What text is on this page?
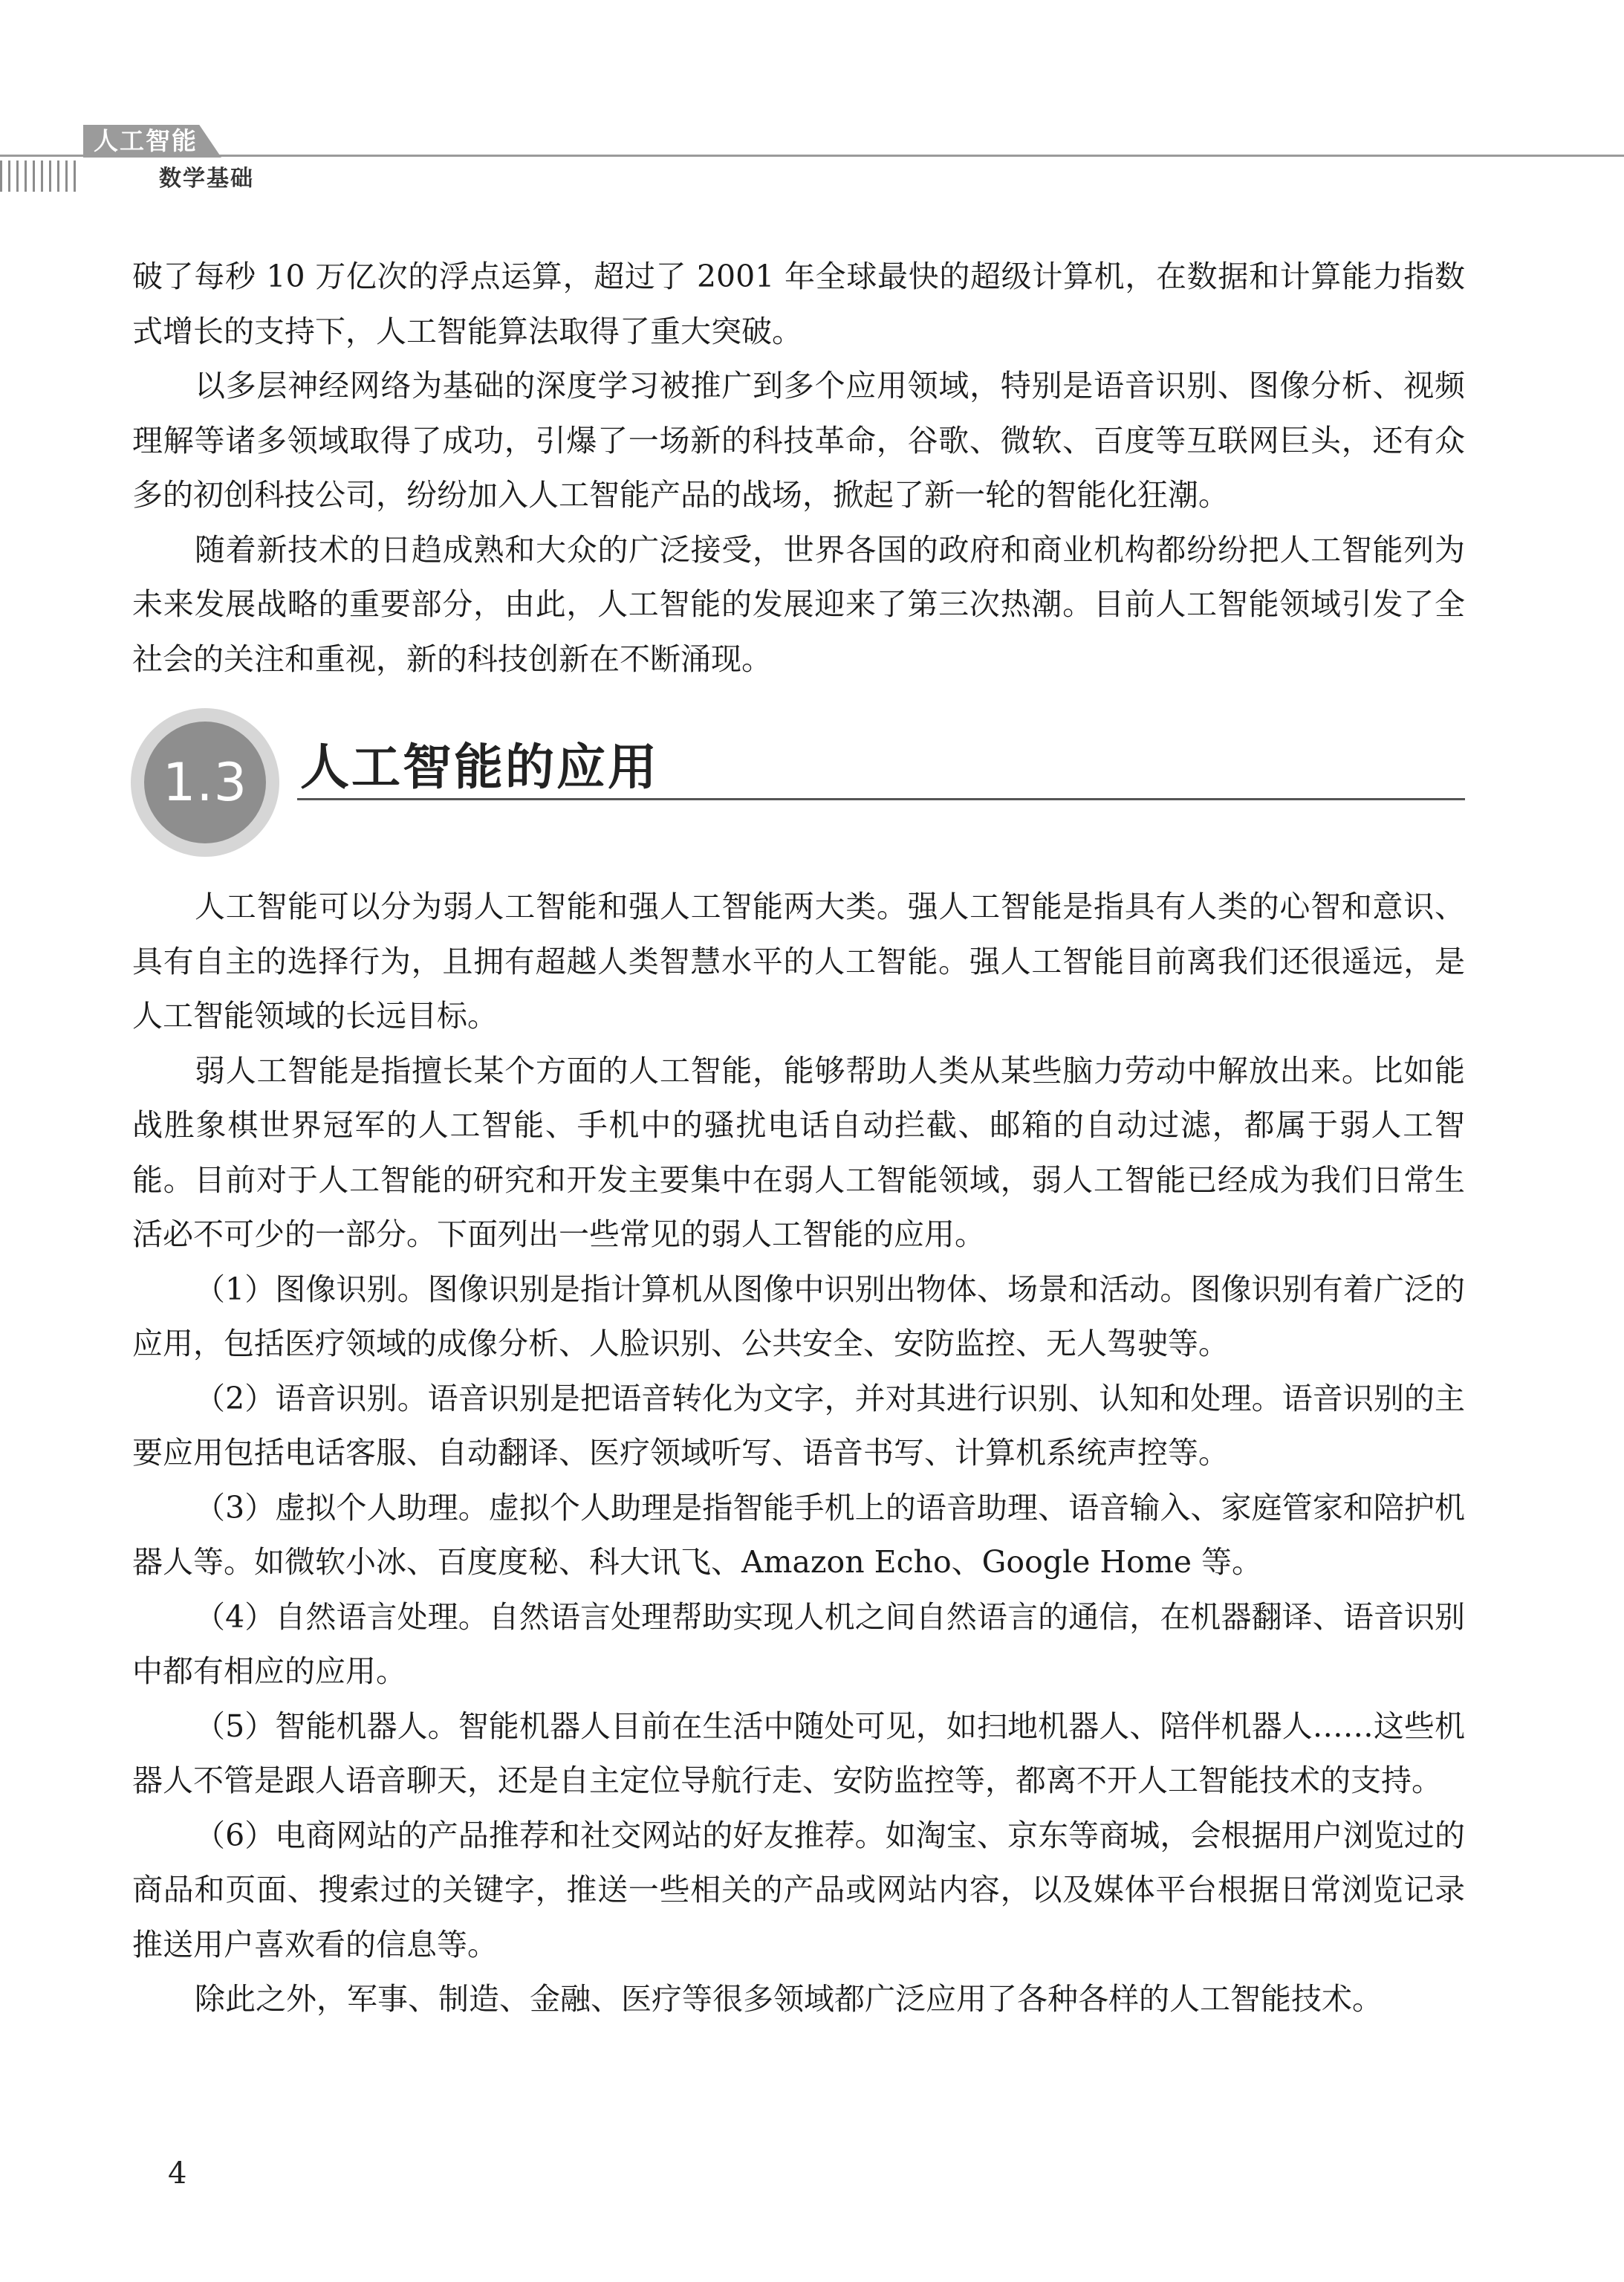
人工智能
数学基础

破了每秒 10 万亿次的浮点运算，超过了 2001 年全球最快的超级计算机，在数据和计算能力指数式增长的支持下，人工智能算法取得了重大突破。

以多层神经网络为基础的深度学习被推广到多个应用领域，特别是语音识别、图像分析、视频理解等诸多领域取得了成功，引爆了一场新的科技革命，谷歌、微软、百度等互联网巨头，还有众多的初创科技公司，纷纷加入人工智能产品的战场，掀起了新一轮的智能化狂潮。

随着新技术的日趋成熟和大众的广泛接受，世界各国的政府和商业机构都纷纷把人工智能列为未来发展战略的重要部分，由此，人工智能的发展迎来了第三次热潮。目前人工智能领域引发了全社会的关注和重视，新的科技创新在不断涌现。

1.3 人工智能的应用

人工智能可以分为弱人工智能和强人工智能两大类。强人工智能是指具有人类的心智和意识、具有自主的选择行为，且拥有超越人类智慧水平的人工智能。强人工智能目前离我们还很遥远，是人工智能领域的长远目标。

弱人工智能是指擅长某个方面的人工智能，能够帮助人类从某些脑力劳动中解放出来。比如能战胜象棋世界冠军的人工智能、手机中的骚扰电话自动拦截、邮箱的自动过滤，都属于弱人工智能。目前对于人工智能的研究和开发主要集中在弱人工智能领域，弱人工智能已经成为我们日常生活必不可少的一部分。下面列出一些常见的弱人工智能的应用。

（1）图像识别。图像识别是指计算机从图像中识别出物体、场景和活动。图像识别有着广泛的应用，包括医疗领域的成像分析、人脸识别、公共安全、安防监控、无人驾驶等。

（2）语音识别。语音识别是把语音转化为文字，并对其进行识别、认知和处理。语音识别的主要应用包括电话客服、自动翻译、医疗领域听写、语音书写、计算机系统声控等。

（3）虚拟个人助理。虚拟个人助理是指智能手机上的语音助理、语音输入、家庭管家和陪护机器人等。如微软小冰、百度度秘、科大讯飞、Amazon Echo、Google Home 等。

（4）自然语言处理。自然语言处理帮助实现人机之间自然语言的通信，在机器翻译、语音识别中都有相应的应用。

（5）智能机器人。智能机器人目前在生活中随处可见，如扫地机器人、陪伴机器人……这些机器人不管是跟人语音聊天，还是自主定位导航行走、安防监控等，都离不开人工智能技术的支持。

（6）电商网站的产品推荐和社交网站的好友推荐。如淘宝、京东等商城，会根据用户浏览过的商品和页面、搜索过的关键字，推送一些相关的产品或网站内容，以及媒体平台根据日常浏览记录推送用户喜欢看的信息等。

除此之外，军事、制造、金融、医疗等很多领域都广泛应用了各种各样的人工智能技术。

4
